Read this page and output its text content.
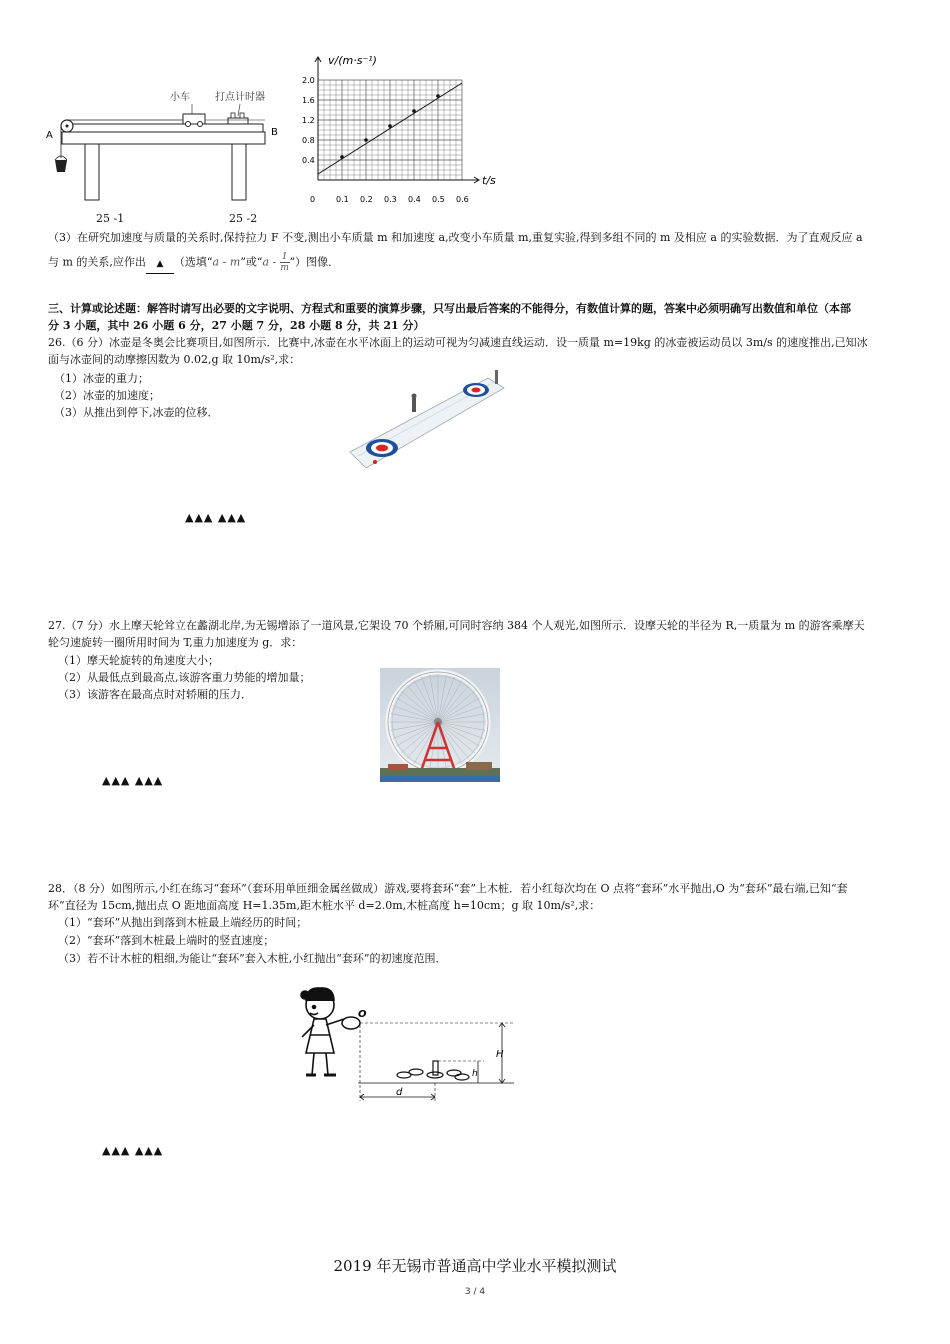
小车	打点计时器
A	B
25 -1	25 -2
2.0
1.6
1.2
0.8
0.4
0	0.1 0.2 0.3 0.4 0.5 0.6
v/(m·s⁻¹)
t/s
（3）在研究加速度与质量的关系时,保持拉力 F 不变,测出小车质量 m 和加速度 a,改变小车质量 m,重复实验,得到多组不同的 m 及相应 a 的实验数据．为了直观反应 a
与 m 的关系,应作出 ▲ （选填“a - m”或“a - $\frac{1}{m}$ ”）图像．
三、计算或论述题：解答时请写出必要的文字说明、方程式和重要的演算步骤，只写出最后答案的不能得分，有数值计算的题，答案中必须明确写出数值和单位（本部
分 3 小题，其中 26 小题 6 分，27 小题 7 分，28 小题 8 分，共 21 分）
26.（6 分）冰壶是冬奥会比赛项目,如图所示．比赛中,冰壶在水平冰面上的运动可视为匀减速直线运动．设一质量 m=19kg 的冰壶被运动员以 3m/s 的速度推出,已知冰
面与冰壶间的动摩擦因数为 0.02,g 取 10m/s²,求：
（1）冰壶的重力；
（2）冰壶的加速度；
（3）从推出到停下,冰壶的位移．
▲▲▲ ▲▲▲
27.（7 分）水上摩天轮耸立在蠡湖北岸,为无锡增添了一道风景,它架设 70 个轿厢,可同时容纳 384 个人观光,如图所示．设摩天轮的半径为 R,一质量为 m 的游客乘摩天
轮匀速旋转一圈所用时间为 T,重力加速度为 g．求：
（1）摩天轮旋转的角速度大小；
（2）从最低点到最高点,该游客重力势能的增加量；
（3）该游客在最高点时对轿厢的压力．
▲▲▲ ▲▲▲
28．（8 分）如图所示,小红在练习“套环”（套环用单匝细金属丝做成）游戏,要将套环“套”上木桩．若小红每次均在 O 点将“套环”水平抛出,O 为“套环”最右端,已知“套
环”直径为 15cm,抛出点 O 距地面高度 H=1.35m,距木桩水平 d=2.0m,木桩高度 h=10cm；g 取 10m/s²,求：
（1）“套环”从抛出到落到木桩最上端经历的时间；
（2）“套环”落到木桩最上端时的竖直速度；
（3）若不计木桩的粗细,为能让“套环”套入木桩,小红抛出“套环”的初速度范围．
O
H
h
d
▲▲▲ ▲▲▲
2019 年无锡市普通高中学业水平模拟测试
3 / 4
